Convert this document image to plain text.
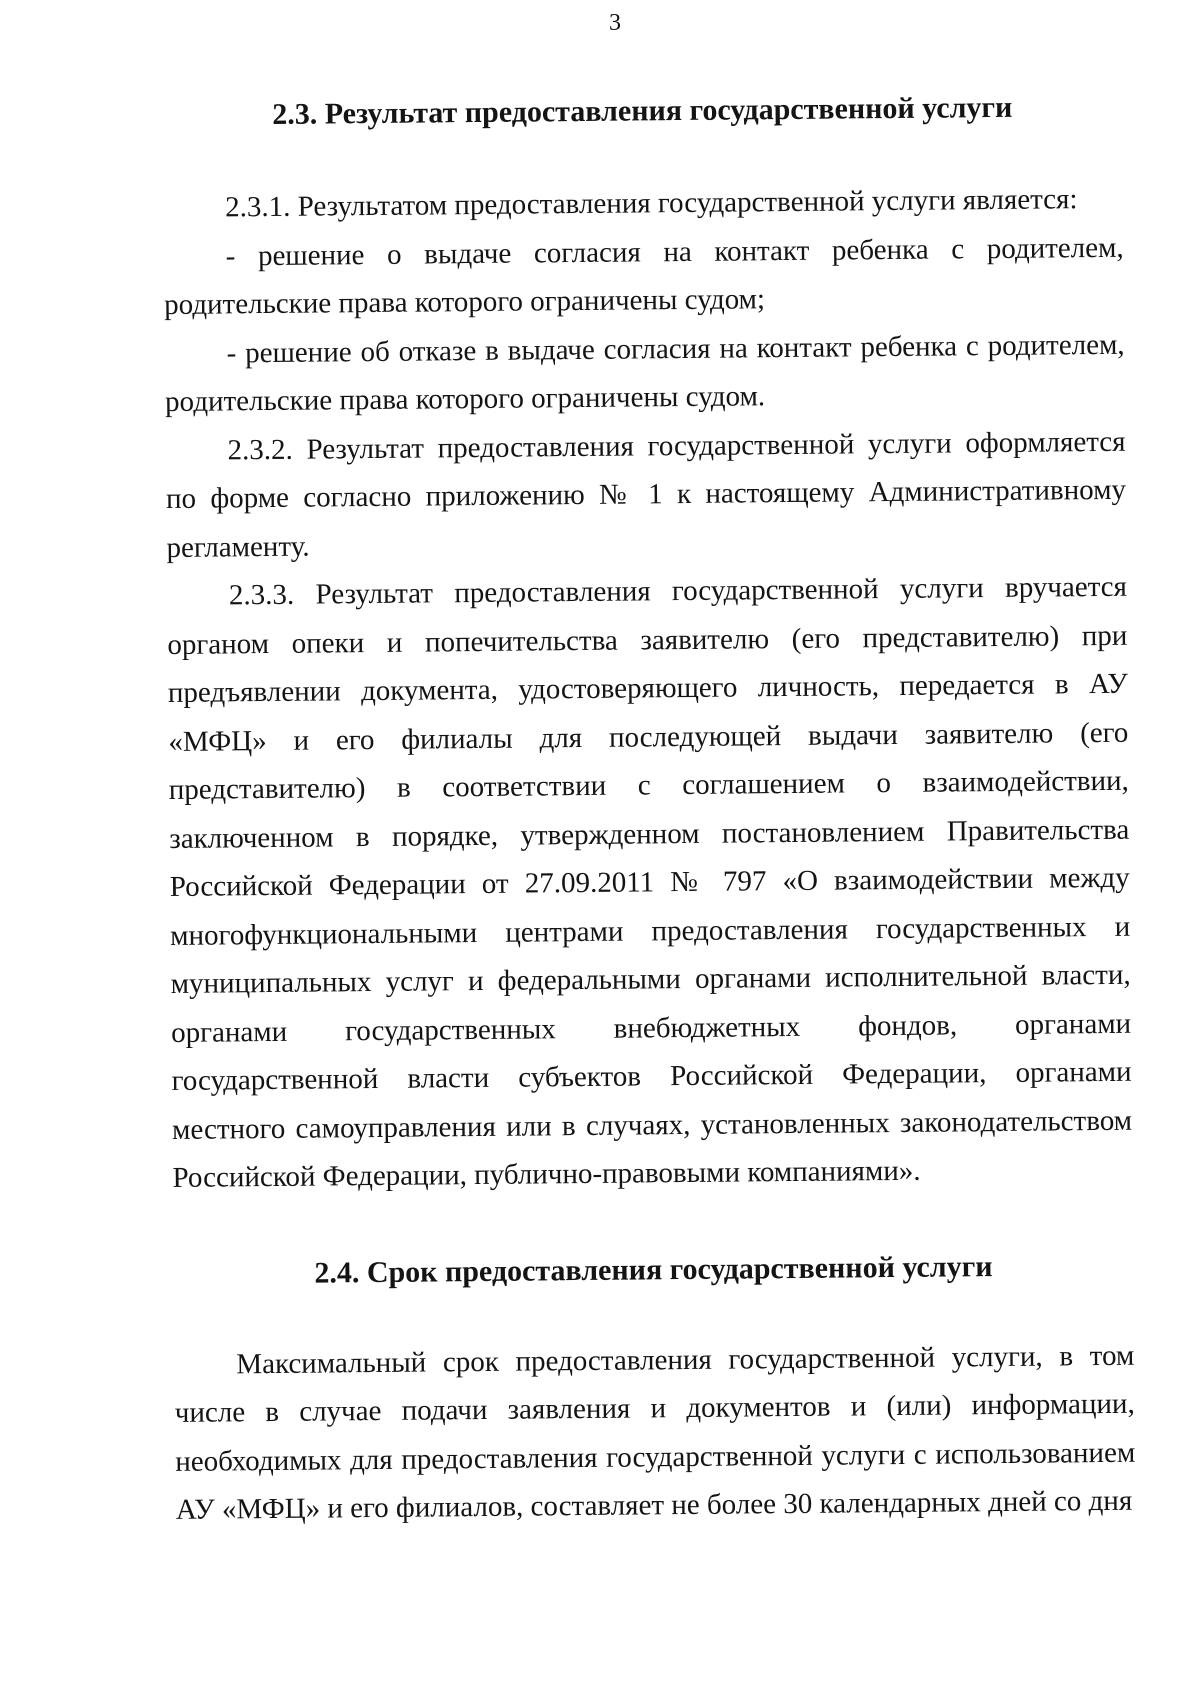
3
2.3. Результат предоставления государственной услуги

2.3.1. Результатом предоставления государственной услуги является:

- решение о выдаче согласия на контакт ребенка с родителем, родительские права которого ограничены судом;

- решение об отказе в выдаче согласия на контакт ребенка с родителем, родительские права которого ограничены судом.

2.3.2. Результат предоставления государственной услуги оформляется по форме согласно приложению № 1 к настоящему Административному регламенту.

2.3.3. Результат предоставления государственной услуги вручается органом опеки и попечительства заявителю (его представителю) при предъявлении документа, удостоверяющего личность, передается в АУ «МФЦ» и его филиалы для последующей выдачи заявителю (его представителю) в соответствии с соглашением о взаимодействии, заключенном в порядке, утвержденном постановлением Правительства Российской Федерации от 27.09.2011 № 797 «О взаимодействии между многофункциональными центрами предоставления государственных и муниципальных услуг и федеральными органами исполнительной власти, органами государственных внебюджетных фондов, органами государственной власти субъектов Российской Федерации, органами местного самоуправления или в случаях, установленных законодательством Российской Федерации, публично-правовыми компаниями».

2.4. Срок предоставления государственной услуги

Максимальный срок предоставления государственной услуги, в том числе в случае подачи заявления и документов и (или) информации, необходимых для предоставления государственной услуги с использованием АУ «МФЦ» и его филиалов, составляет не более 30 календарных дней со дня
